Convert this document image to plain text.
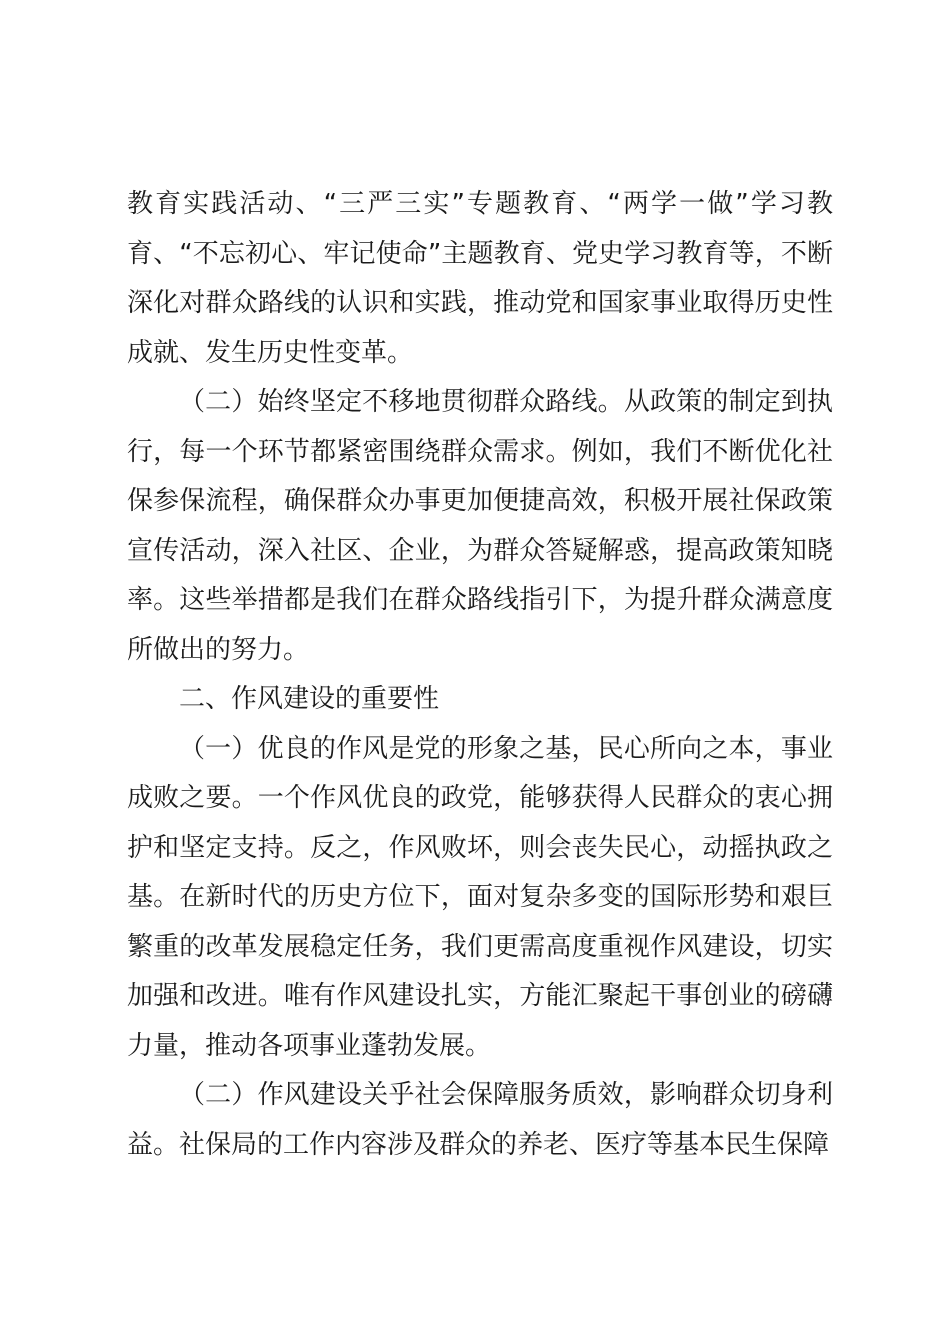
教育实践活动、“三严三实”专题教育、“两学一做”学习教育、“不忘初心、牢记使命”主题教育、党史学习教育等，不断深化对群众路线的认识和实践，推动党和国家事业取得历史性成就、发生历史性变革。

（二）始终坚定不移地贯彻群众路线。从政策的制定到执行，每一个环节都紧密围绕群众需求。例如，我们不断优化社保参保流程，确保群众办事更加便捷高效，积极开展社保政策宣传活动，深入社区、企业，为群众答疑解惑，提高政策知晓率。这些举措都是我们在群众路线指引下，为提升群众满意度所做出的努力。

二、作风建设的重要性

（一）优良的作风是党的形象之基，民心所向之本，事业成败之要。一个作风优良的政党，能够获得人民群众的衷心拥护和坚定支持。反之，作风败坏，则会丧失民心，动摇执政之基。在新时代的历史方位下，面对复杂多变的国际形势和艰巨繁重的改革发展稳定任务，我们更需高度重视作风建设，切实加强和改进。唯有作风建设扎实，方能汇聚起干事创业的磅礴力量，推动各项事业蓬勃发展。

（二）作风建设关乎社会保障服务质效，影响群众切身利益。社保局的工作内容涉及群众的养老、医疗等基本民生保障
